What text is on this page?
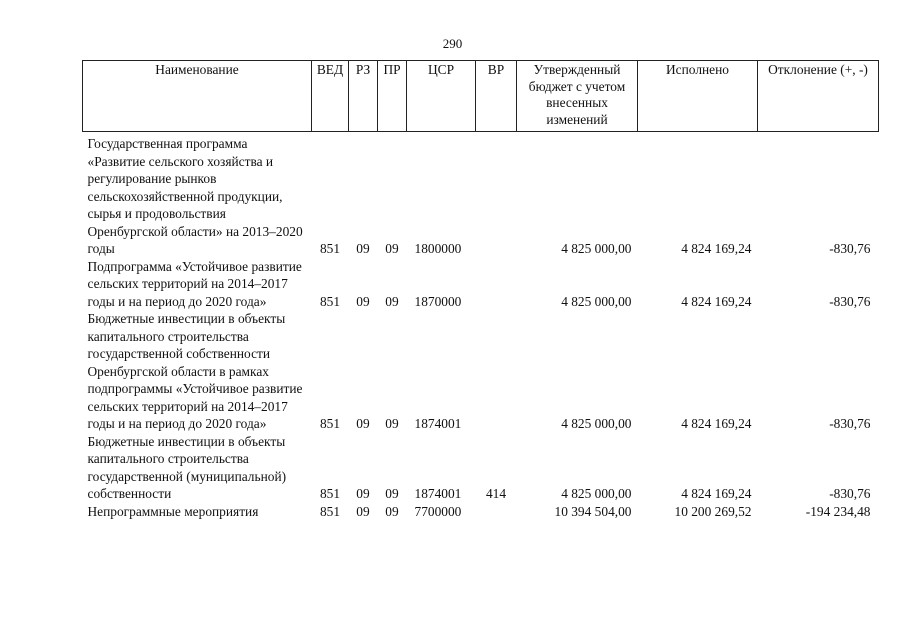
290
Наименование	ВЕД	РЗ	ПР	ЦСР	ВР	Утвержденный бюджет с учетом внесенных изменений	Исполнено	Отклонение (+, -)
Государственная программа «Развитие сельского хозяйства и регулирование рынков сельскохозяйственной продукции, сырья и продовольствия Оренбургской области» на 2013–2020 годы	851	09	09	1800000		4 825 000,00	4 824 169,24	-830,76
Подпрограмма «Устойчивое развитие сельских территорий на 2014–2017 годы и на период до 2020 года»	851	09	09	1870000		4 825 000,00	4 824 169,24	-830,76
Бюджетные инвестиции в объекты капитального строительства государственной собственности Оренбургской области в рамках подпрограммы «Устойчивое развитие сельских территорий на 2014–2017 годы и на период до 2020 года»	851	09	09	1874001		4 825 000,00	4 824 169,24	-830,76
Бюджетные инвестиции в объекты капитального строительства государственной (муниципальной) собственности	851	09	09	1874001	414	4 825 000,00	4 824 169,24	-830,76
Непрограммные мероприятия	851	09	09	7700000		10 394 504,00	10 200 269,52	-194 234,48
